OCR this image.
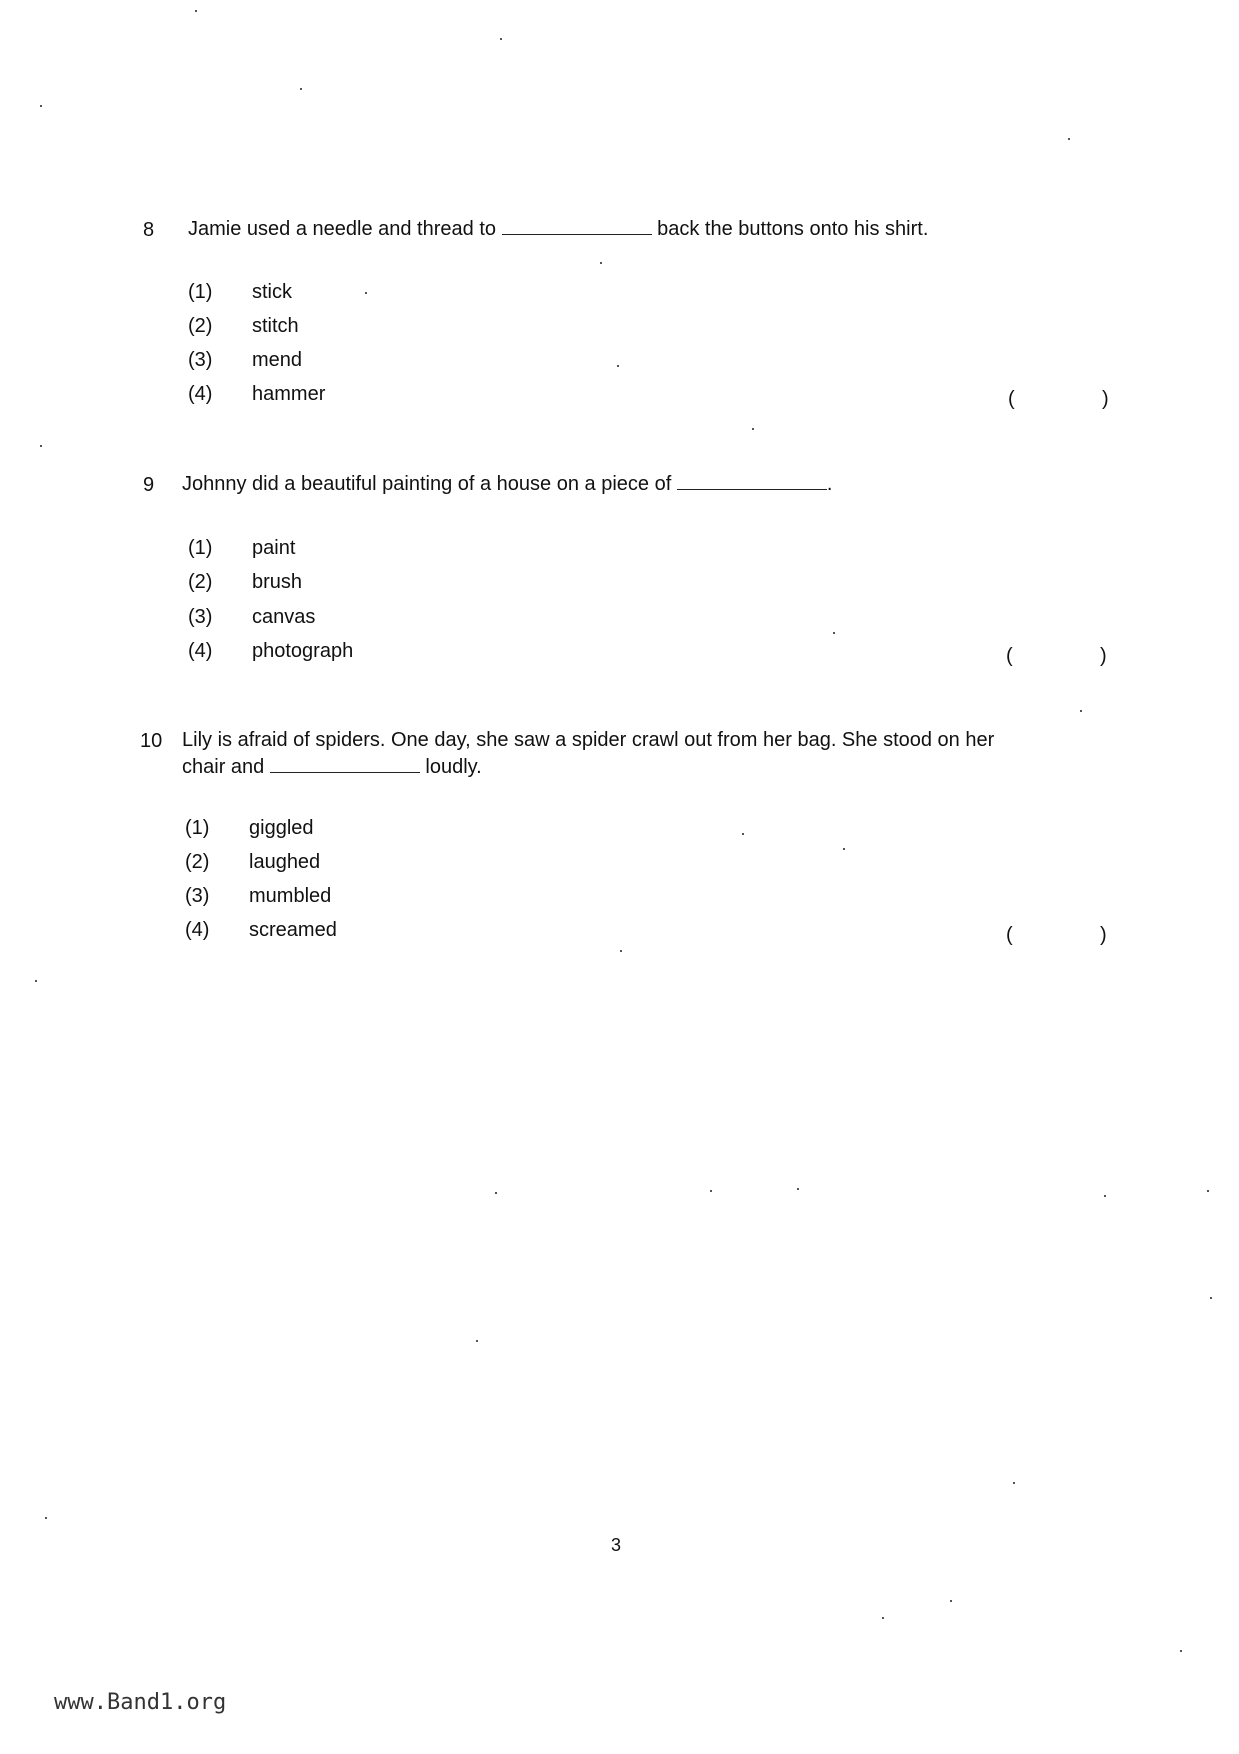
8 Jamie used a needle and thread to	back the buttons onto his shirt.
(1) stick
(2) stitch
(3) mend
(4) hammer	(	)
9 Johnny did a beautiful painting of a house on a piece of	.
(1) paint
(2) brush
(3) canvas
(4) photograph	(	)
10 Lily is afraid of spiders. One day, she saw a spider crawl out from her bag. She stood on her
chair and	loudly.
(1) giggled
(2) laughed
(3) mumbled
(4) screamed	(	)
3
www.Band1.org
